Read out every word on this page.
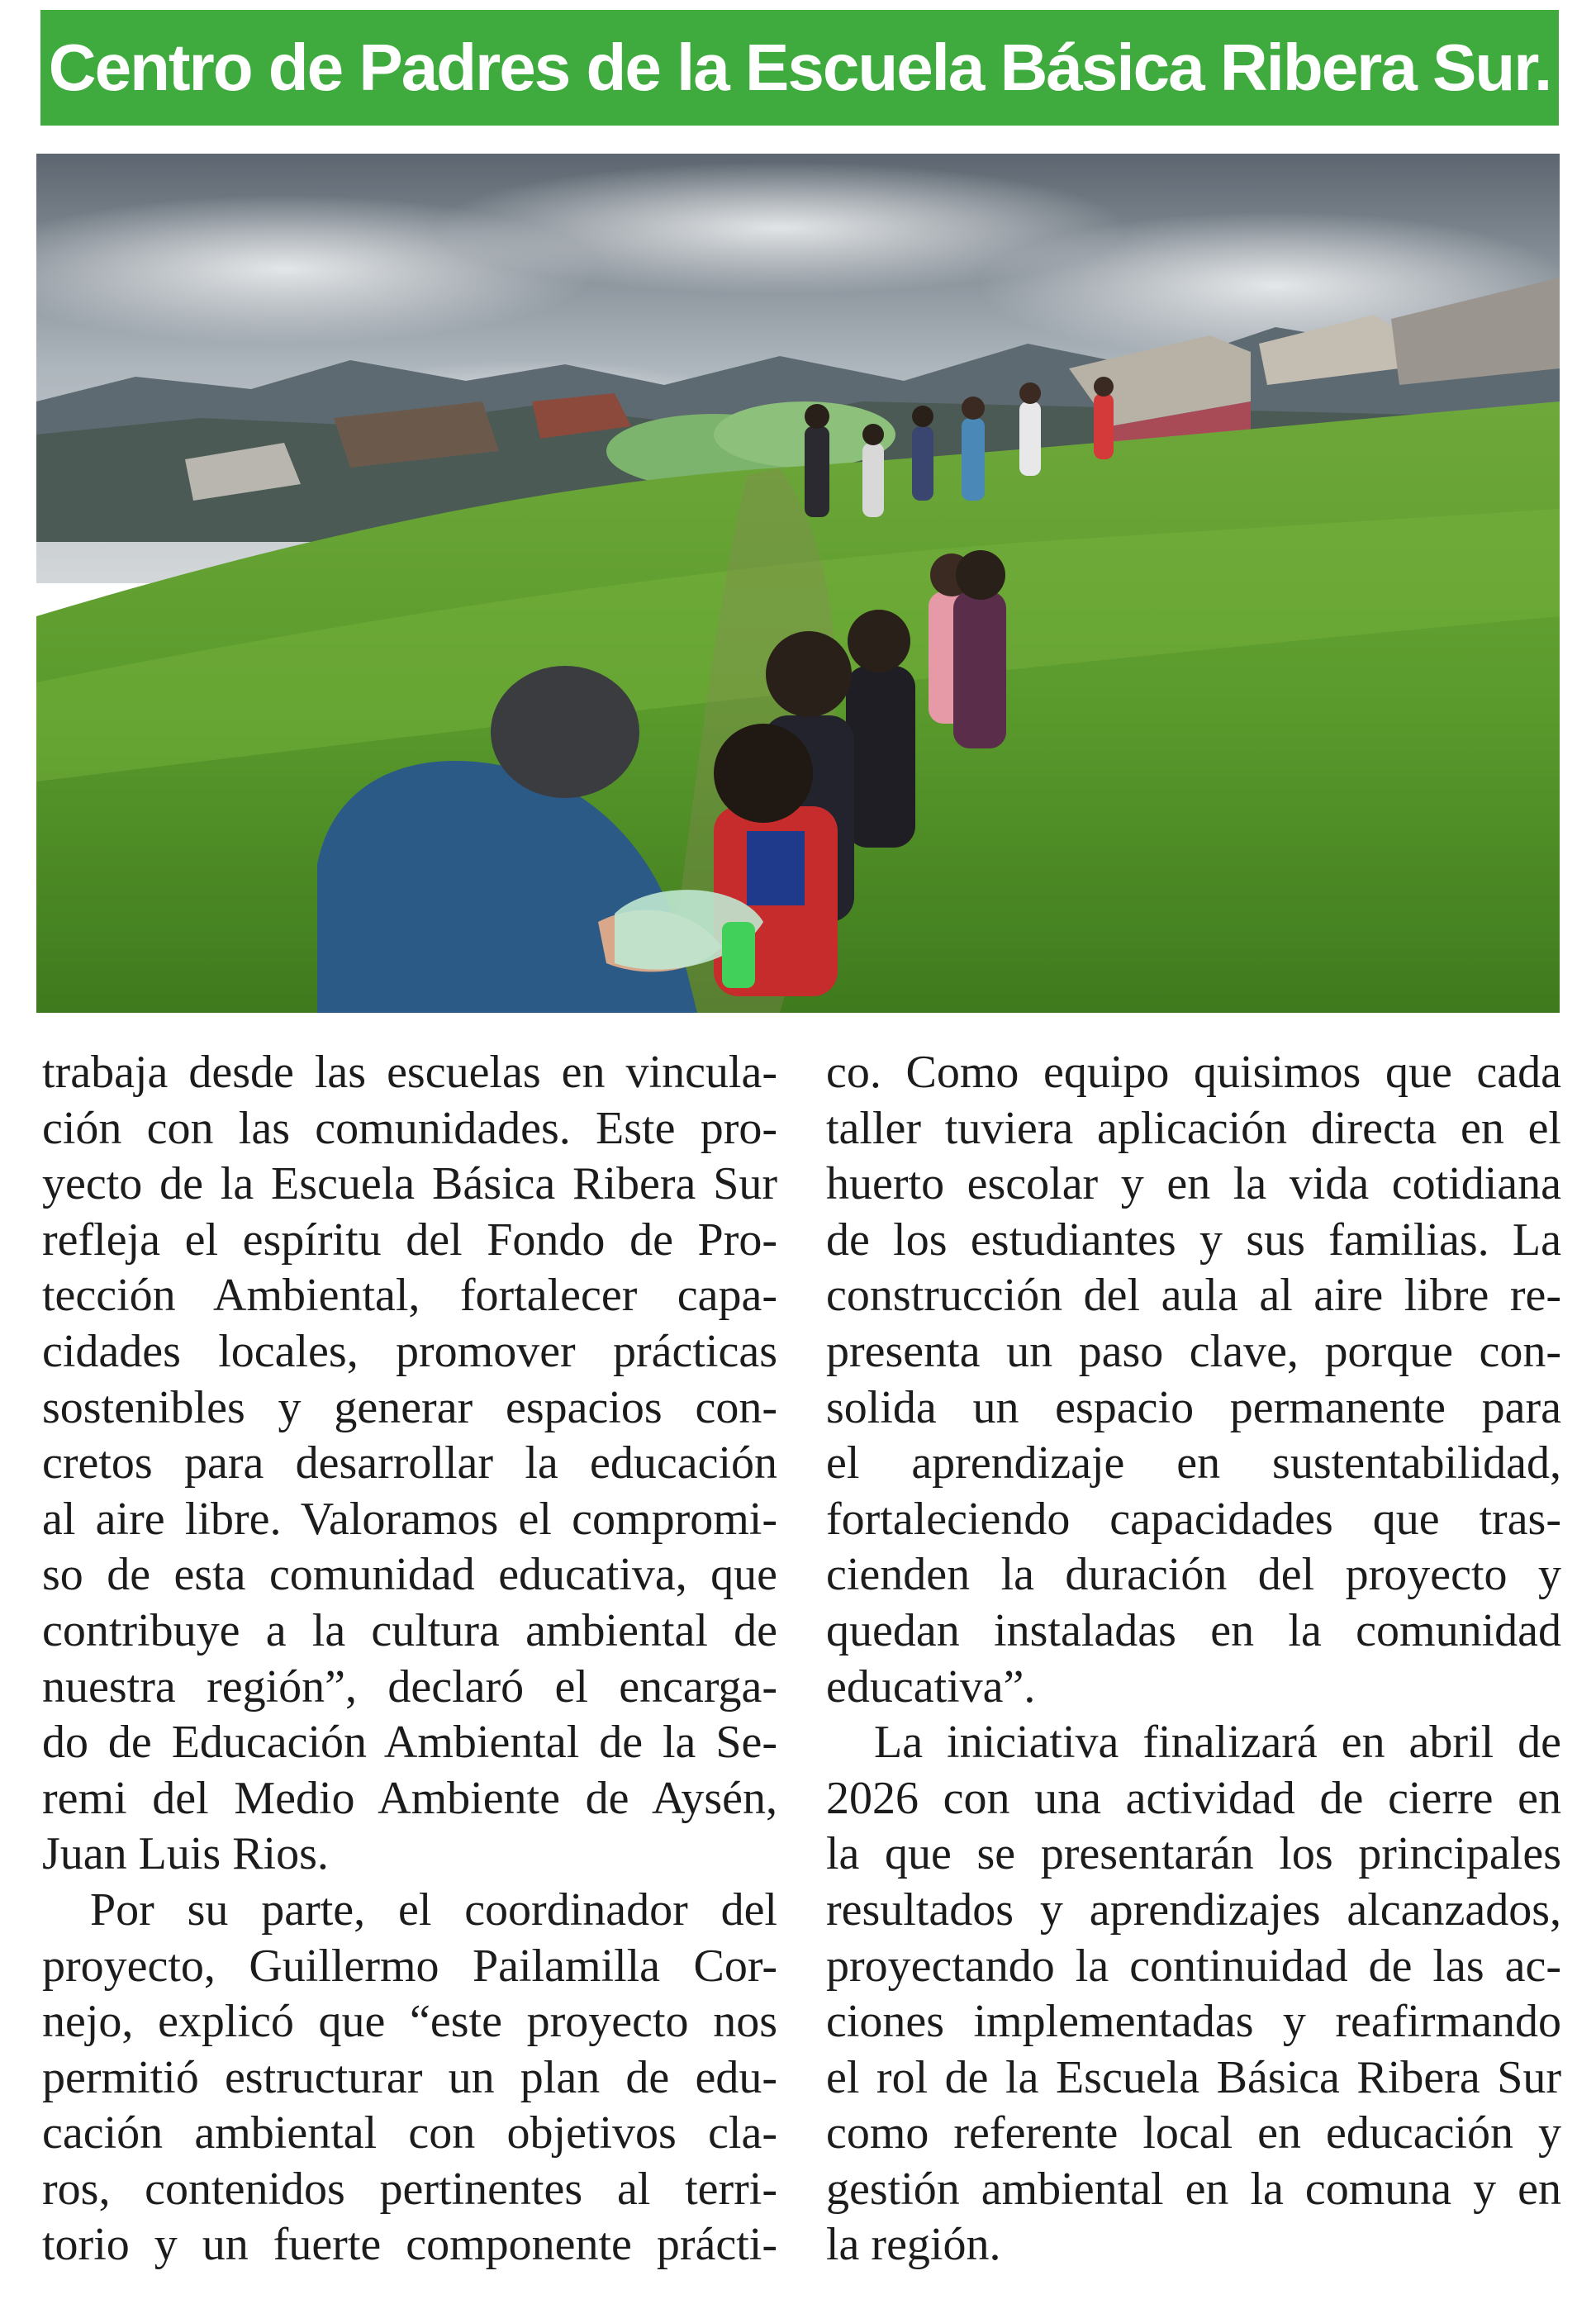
Centro de Padres de la Escuela Básica Ribera Sur.
trabaja desde las escuelas en vincula-
ción con las comunidades. Este pro-
yecto de la Escuela Básica Ribera Sur
refleja el espíritu del Fondo de Pro-
tección Ambiental, fortalecer capa-
cidades locales, promover prácticas
sostenibles y generar espacios con-
cretos para desarrollar la educación
al aire libre. Valoramos el compromi-
so de esta comunidad educativa, que
contribuye a la cultura ambiental de
nuestra región”, declaró el encarga-
do de Educación Ambiental de la Se-
remi del Medio Ambiente de Aysén,
Juan Luis Rios.
Por su parte, el coordinador del
proyecto, Guillermo Pailamilla Cor-
nejo, explicó que “este proyecto nos
permitió estructurar un plan de edu-
cación ambiental con objetivos cla-
ros, contenidos pertinentes al terri-
torio y un fuerte componente prácti-
co. Como equipo quisimos que cada
taller tuviera aplicación directa en el
huerto escolar y en la vida cotidiana
de los estudiantes y sus familias. La
construcción del aula al aire libre re-
presenta un paso clave, porque con-
solida un espacio permanente para
el aprendizaje en sustentabilidad,
fortaleciendo capacidades que tras-
cienden la duración del proyecto y
quedan instaladas en la comunidad
educativa”.
La iniciativa finalizará en abril de
2026 con una actividad de cierre en
la que se presentarán los principales
resultados y aprendizajes alcanzados,
proyectando la continuidad de las ac-
ciones implementadas y reafirmando
el rol de la Escuela Básica Ribera Sur
como referente local en educación y
gestión ambiental en la comuna y en
la región.
